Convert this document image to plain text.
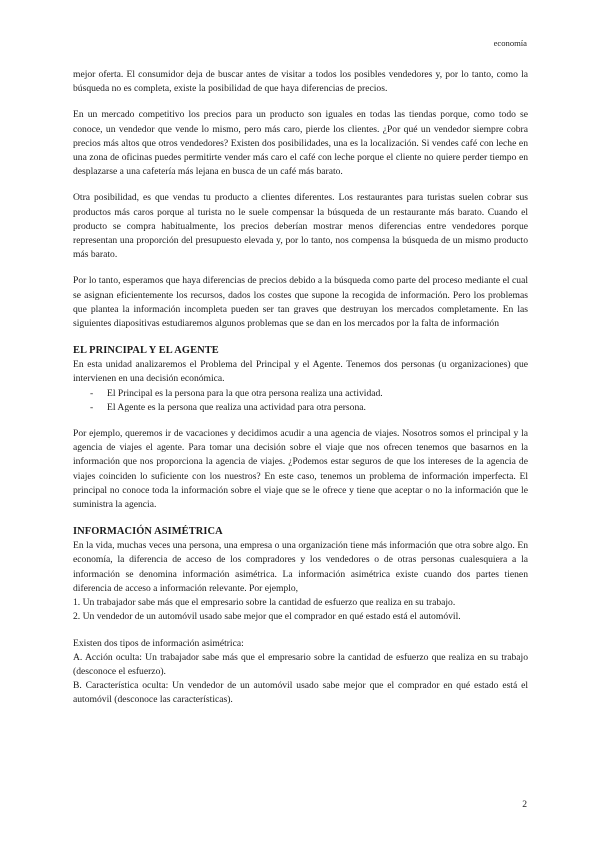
economía

mejor oferta. El consumidor deja de buscar antes de visitar a todos los posibles vendedores y, por lo tanto, como la búsqueda no es completa, existe la posibilidad de que haya diferencias de precios.

En un mercado competitivo los precios para un producto son iguales en todas las tiendas porque, como todo se conoce, un vendedor que vende lo mismo, pero más caro, pierde los clientes. ¿Por qué un vendedor siempre cobra precios más altos que otros vendedores? Existen dos posibilidades, una es la localización. Si vendes café con leche en una zona de oficinas puedes permitirte vender más caro el café con leche porque el cliente no quiere perder tiempo en desplazarse a una cafetería más lejana en busca de un café más barato.

Otra posibilidad, es que vendas tu producto a clientes diferentes. Los restaurantes para turistas suelen cobrar sus productos más caros porque al turista no le suele compensar la búsqueda de un restaurante más barato. Cuando el producto se compra habitualmente, los precios deberían mostrar menos diferencias entre vendedores porque representan una proporción del presupuesto elevada y, por lo tanto, nos compensa la búsqueda de un mismo producto más barato.

Por lo tanto, esperamos que haya diferencias de precios debido a la búsqueda como parte del proceso mediante el cual se asignan eficientemente los recursos, dados los costes que supone la recogida de información. Pero los problemas que plantea la información incompleta pueden ser tan graves que destruyan los mercados completamente. En las siguientes diapositivas estudiaremos algunos problemas que se dan en los mercados por la falta de información

EL PRINCIPAL Y EL AGENTE

En esta unidad analizaremos el Problema del Principal y el Agente. Tenemos dos personas (u organizaciones) que intervienen en una decisión económica.

- El Principal es la persona para la que otra persona realiza una actividad.
- El Agente es la persona que realiza una actividad para otra persona.

Por ejemplo, queremos ir de vacaciones y decidimos acudir a una agencia de viajes. Nosotros somos el principal y la agencia de viajes el agente. Para tomar una decisión sobre el viaje que nos ofrecen tenemos que basarnos en la información que nos proporciona la agencia de viajes. ¿Podemos estar seguros de que los intereses de la agencia de viajes coinciden lo suficiente con los nuestros? En este caso, tenemos un problema de información imperfecta. El principal no conoce toda la información sobre el viaje que se le ofrece y tiene que aceptar o no la información que le suministra la agencia.

INFORMACIÓN ASIMÉTRICA

En la vida, muchas veces una persona, una empresa o una organización tiene más información que otra sobre algo. En economía, la diferencia de acceso de los compradores y los vendedores o de otras personas cualesquiera a la información se denomina información asimétrica. La información asimétrica existe cuando dos partes tienen diferencia de acceso a información relevante. Por ejemplo,

1. Un trabajador sabe más que el empresario sobre la cantidad de esfuerzo que realiza en su trabajo.

2. Un vendedor de un automóvil usado sabe mejor que el comprador en qué estado está el automóvil.

Existen dos tipos de información asimétrica:

A. Acción oculta: Un trabajador sabe más que el empresario sobre la cantidad de esfuerzo que realiza en su trabajo (desconoce el esfuerzo).

B. Característica oculta: Un vendedor de un automóvil usado sabe mejor que el comprador en qué estado está el automóvil (desconoce las características).

2
